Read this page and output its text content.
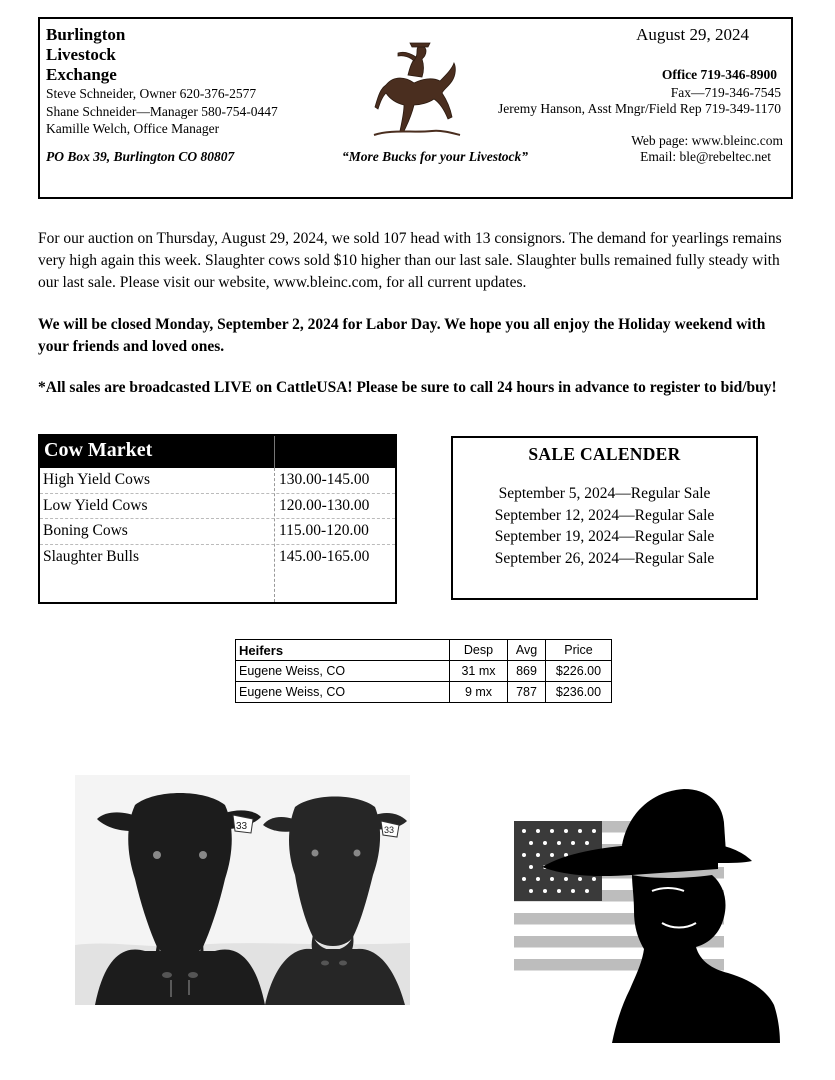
Burlington Livestock Exchange
Steve Schneider, Owner 620-376-2577
Shane Schneider—Manager 580-754-0447
Kamille Welch, Office Manager
PO Box 39, Burlington CO 80807	“More Bucks for your Livestock”
August 29, 2024
Office 719-346-8900
Fax—719-346-7545
Jeremy Hanson, Asst Mngr/Field Rep 719-349-1170
Web page: www.bleinc.com
Email: ble@rebeltec.net

For our auction on Thursday, August 29, 2024, we sold 107 head with 13 consignors. The demand for yearlings remains very high again this week. Slaughter cows sold $10 higher than our last sale. Slaughter bulls remained fully steady with our last sale. Please visit our website, www.bleinc.com, for all current updates.

We will be closed Monday, September 2, 2024 for Labor Day. We hope you all enjoy the Holiday weekend with your friends and loved ones.

*All sales are broadcasted LIVE on CattleUSA! Please be sure to call 24 hours in advance to register to bid/buy!

Cow Market
High Yield Cows	130.00-145.00
Low Yield Cows	120.00-130.00
Boning Cows	115.00-120.00
Slaughter Bulls	145.00-165.00
SALE CALENDER
September 5, 2024—Regular Sale
September 12, 2024—Regular Sale
September 19, 2024—Regular Sale
September 26, 2024—Regular Sale
Heifers	Desp	Avg	Price
Eugene Weiss, CO	31 mx	869	$226.00
Eugene Weiss, CO	9 mx	787	$236.00
33	33
